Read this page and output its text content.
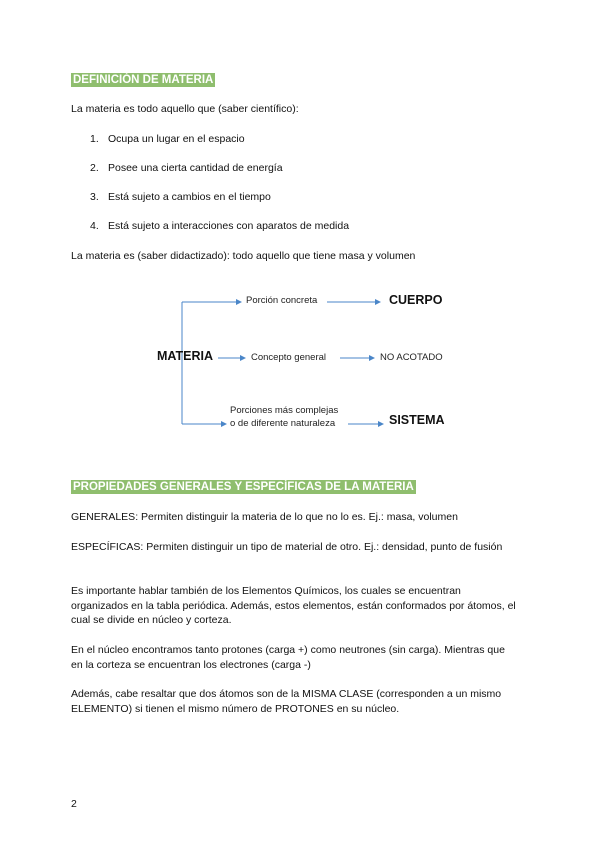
DEFINICIÓN DE MATERIA
La materia es todo aquello que (saber científico):
1. Ocupa un lugar en el espacio
2. Posee una cierta cantidad de energía
3. Está sujeto a cambios en el tiempo
4. Está sujeto a interacciones con aparatos de medida
La materia es (saber didactizado): todo aquello que tiene masa y volumen
Porción concreta	CUERPO
MATERIA	Concepto general	NO ACOTADO
Porciones más complejas
o de diferente naturaleza	SISTEMA
PROPIEDADES GENERALES Y ESPECÍFICAS DE LA MATERIA
GENERALES: Permiten distinguir la materia de lo que no lo es. Ej.: masa, volumen
ESPECÍFICAS: Permiten distinguir un tipo de material de otro. Ej.: densidad, punto de fusión
Es importante hablar también de los Elementos Químicos, los cuales se encuentran organizados en la tabla periódica. Además, estos elementos, están conformados por átomos, el cual se divide en núcleo y corteza.
En el núcleo encontramos tanto protones (carga +) como neutrones (sin carga). Mientras que en la corteza se encuentran los electrones (carga -)
Además, cabe resaltar que dos átomos son de la MISMA CLASE (corresponden a un mismo ELEMENTO) si tienen el mismo número de PROTONES en su núcleo.
2
